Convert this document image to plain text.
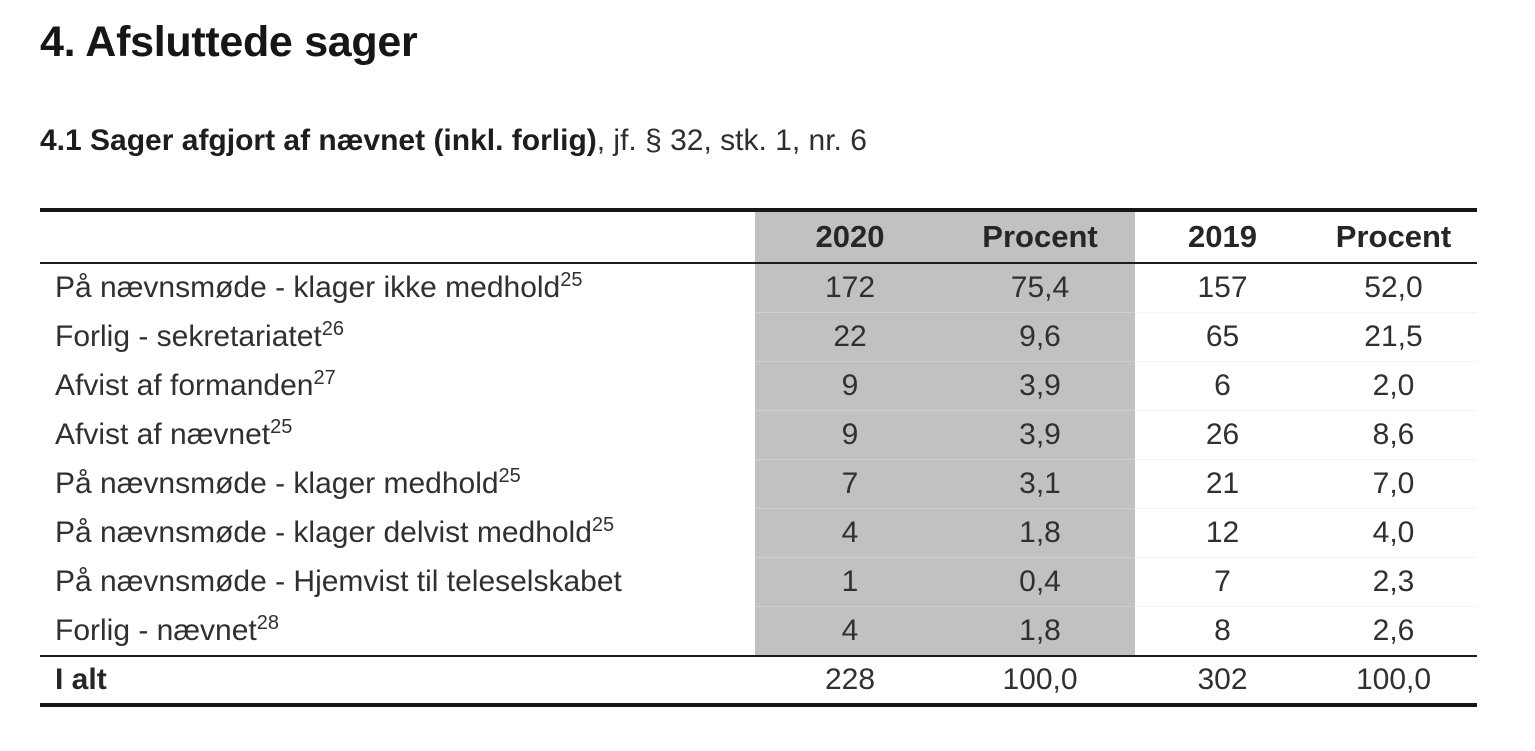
4. Afsluttede sager

4.1 Sager afgjort af nævnet (inkl. forlig), jf. § 32, stk. 1, nr. 6

	2020	Procent	2019	Procent
På nævnsmøde - klager ikke medhold$^{25}$	172	75,4	157	52,0
Forlig - sekretariatet$^{26}$	22	9,6	65	21,5
Afvist af formanden$^{27}$	9	3,9	6	2,0
Afvist af nævnet$^{25}$	9	3,9	26	8,6
På nævnsmøde - klager medhold$^{25}$	7	3,1	21	7,0
På nævnsmøde - klager delvist medhold$^{25}$	4	1,8	12	4,0
På nævnsmøde - Hjemvist til teleselskabet	1	0,4	7	2,3
Forlig - nævnet$^{28}$	4	1,8	8	2,6
I alt	228	100,0	302	100,0
